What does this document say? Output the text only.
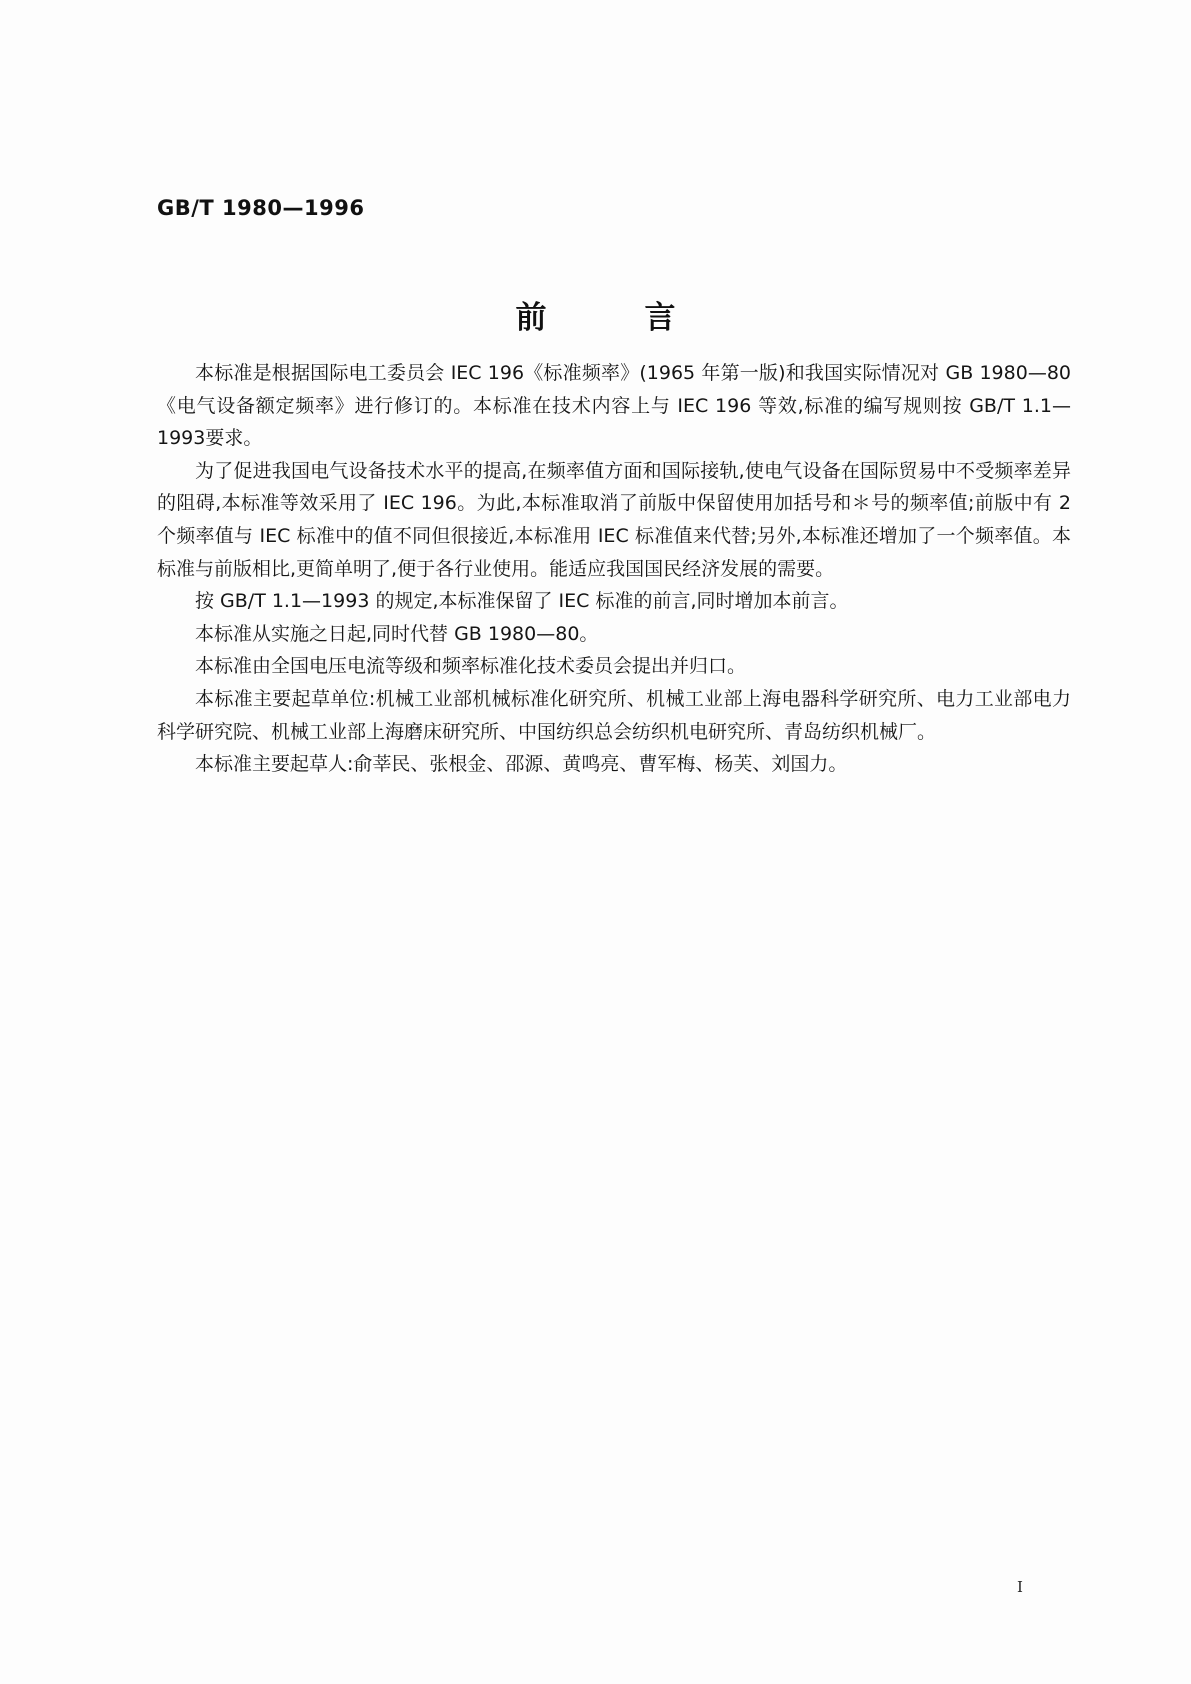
GB/T 1980—1996
前言

本标准是根据国际电工委员会 IEC 196《标准频率》(1965 年第一版)和我国实际情况对 GB 1980—80《电气设备额定频率》进行修订的。本标准在技术内容上与 IEC 196 等效,标准的编写规则按 GB/T 1.1—1993要求。

为了促进我国电气设备技术水平的提高,在频率值方面和国际接轨,使电气设备在国际贸易中不受频率差异的阻碍,本标准等效采用了 IEC 196。为此,本标准取消了前版中保留使用加括号和＊号的频率值;前版中有 2 个频率值与 IEC 标准中的值不同但很接近,本标准用 IEC 标准值来代替;另外,本标准还增加了一个频率值。本标准与前版相比,更简单明了,便于各行业使用。能适应我国国民经济发展的需要。

按 GB/T 1.1—1993 的规定,本标准保留了 IEC 标准的前言,同时增加本前言。

本标准从实施之日起,同时代替 GB 1980—80。

本标准由全国电压电流等级和频率标准化技术委员会提出并归口。

本标准主要起草单位:机械工业部机械标准化研究所、机械工业部上海电器科学研究所、电力工业部电力科学研究院、机械工业部上海磨床研究所、中国纺织总会纺织机电研究所、青岛纺织机械厂。

本标准主要起草人:俞莘民、张根金、邵源、黄鸣亮、曹军梅、杨芙、刘国力。

I
